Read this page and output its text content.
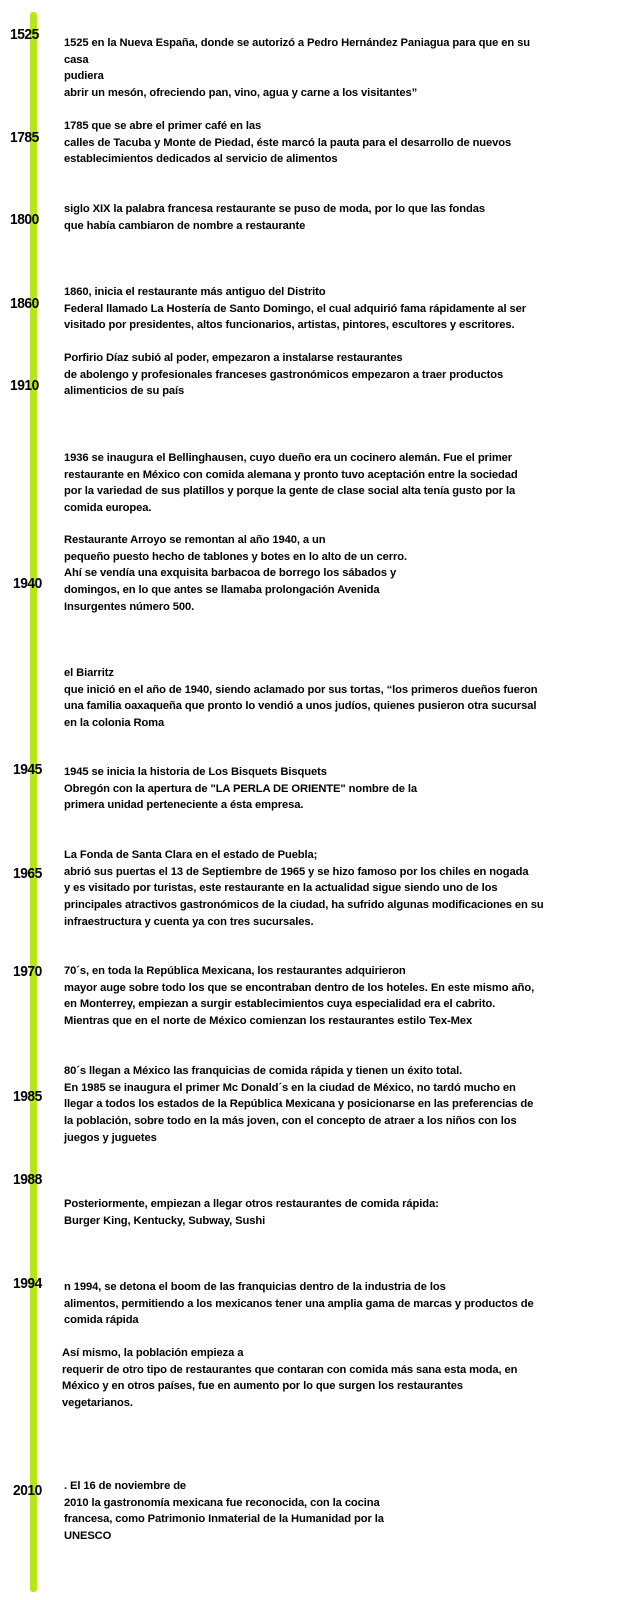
1525
1785
1800
1860
1910
1940
1945
1965
1970
1985
1988
1994
2010
1525 en la Nueva España, donde se autorizó a Pedro Hernández Paniagua para que en su casa
pudiera
abrir un mesón, ofreciendo pan, vino, agua y carne a los visitantes”
1785 que se abre el primer café en las
calles de Tacuba y Monte de Piedad, éste marcó la pauta para el desarrollo de nuevos
establecimientos dedicados al servicio de alimentos
siglo XIX la palabra francesa restaurante se puso de moda, por lo que las fondas
que había cambiaron de nombre a restaurante
1860, inicia el restaurante más antiguo del Distrito
Federal llamado La Hostería de Santo Domingo, el cual adquirió fama rápidamente al ser
visitado por presidentes, altos funcionarios, artistas, pintores, escultores y escritores.
Porfirio Díaz subió al poder, empezaron a instalarse restaurantes
de abolengo y profesionales franceses gastronómicos empezaron a traer productos
alimenticios de su país
1936 se inaugura el Bellinghausen, cuyo dueño era un cocinero alemán. Fue el primer
restaurante en México con comida alemana y pronto tuvo aceptación entre la sociedad
por la variedad de sus platillos y porque la gente de clase social alta tenía gusto por la
comida europea.
Restaurante Arroyo se remontan al año 1940, a un
pequeño puesto hecho de tablones y botes en lo alto de un cerro.
Ahí se vendía una exquisita barbacoa de borrego los sábados y
domingos, en lo que antes se llamaba prolongación Avenida
Insurgentes número 500.
el Biarritz
que inició en el año de 1940, siendo aclamado por sus tortas, “los primeros dueños fueron
una familia oaxaqueña que pronto lo vendió a unos judíos, quienes pusieron otra sucursal
en la colonia Roma
1945 se inicia la historia de Los Bisquets Bisquets
Obregón con la apertura de "LA PERLA DE ORIENTE" nombre de la
primera unidad perteneciente a ésta empresa.
La Fonda de Santa Clara en el estado de Puebla;
abrió sus puertas el 13 de Septiembre de 1965 y se hizo famoso por los chiles en nogada
y es visitado por turistas, este restaurante en la actualidad sigue siendo uno de los
principales atractivos gastronómicos de la ciudad, ha sufrido algunas modificaciones en su
infraestructura y cuenta ya con tres sucursales.
70´s, en toda la República Mexicana, los restaurantes adquirieron
mayor auge sobre todo los que se encontraban dentro de los hoteles. En este mismo año,
en Monterrey, empiezan a surgir establecimientos cuya especialidad era el cabrito.
Mientras que en el norte de México comienzan los restaurantes estilo Tex-Mex
80´s llegan a México las franquicias de comida rápida y tienen un éxito total.
En 1985 se inaugura el primer Mc Donald´s en la ciudad de México, no tardó mucho en
llegar a todos los estados de la República Mexicana y posicionarse en las preferencias de
la población, sobre todo en la más joven, con el concepto de atraer a los niños con los
juegos y juguetes
Posteriormente, empiezan a llegar otros restaurantes de comida rápida:
Burger King, Kentucky, Subway, Sushi
n 1994, se detona el boom de las franquicias dentro de la industria de los
alimentos, permitiendo a los mexicanos tener una amplia gama de marcas y productos de
comida rápida
Así mismo, la población empieza a
requerir de otro tipo de restaurantes que contaran con comida más sana esta moda, en
México y en otros países, fue en aumento por lo que surgen los restaurantes
vegetarianos.
. El 16 de noviembre de
2010 la gastronomía mexicana fue reconocida, con la cocina
francesa, como Patrimonio Inmaterial de la Humanidad por la
UNESCO
